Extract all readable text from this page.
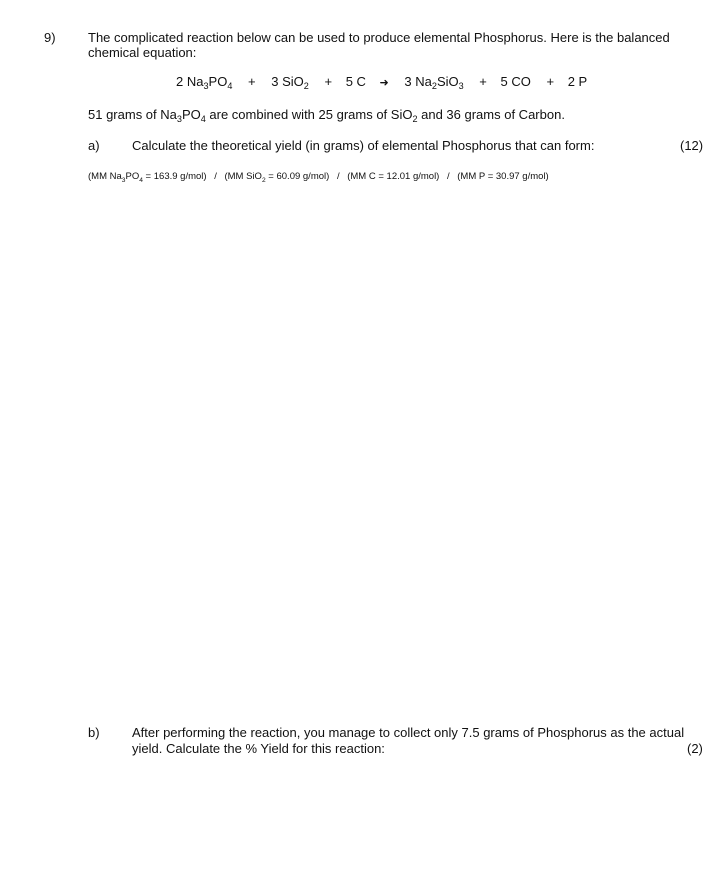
9) The complicated reaction below can be used to produce elemental Phosphorus. Here is the balanced
chemical equation:
2 $Na_3PO_4 + 3$ SiO$_2$ + 5 C ➜ 3 $Na_2SiO_3 + 5$ CO + 2 P
51 grams of $Na_3PO_4$ are combined with 25 grams of SiO$_2$ and 36 grams of Carbon.
a) Calculate the theoretical yield (in grams) of elemental Phosphorus that can form:	(12)
(MM $Na_3PO_4 = 163.9$ g/mol) / (MM SiO$_2$ = 60.09 g/mol) / (MM C = 12.01 g/mol) / (MM P = 30.97 g/mol)
b) After performing the reaction, you manage to collect only 7.5 grams of Phosphorus as the actual
yield. Calculate the % Yield for this reaction:	(2)
